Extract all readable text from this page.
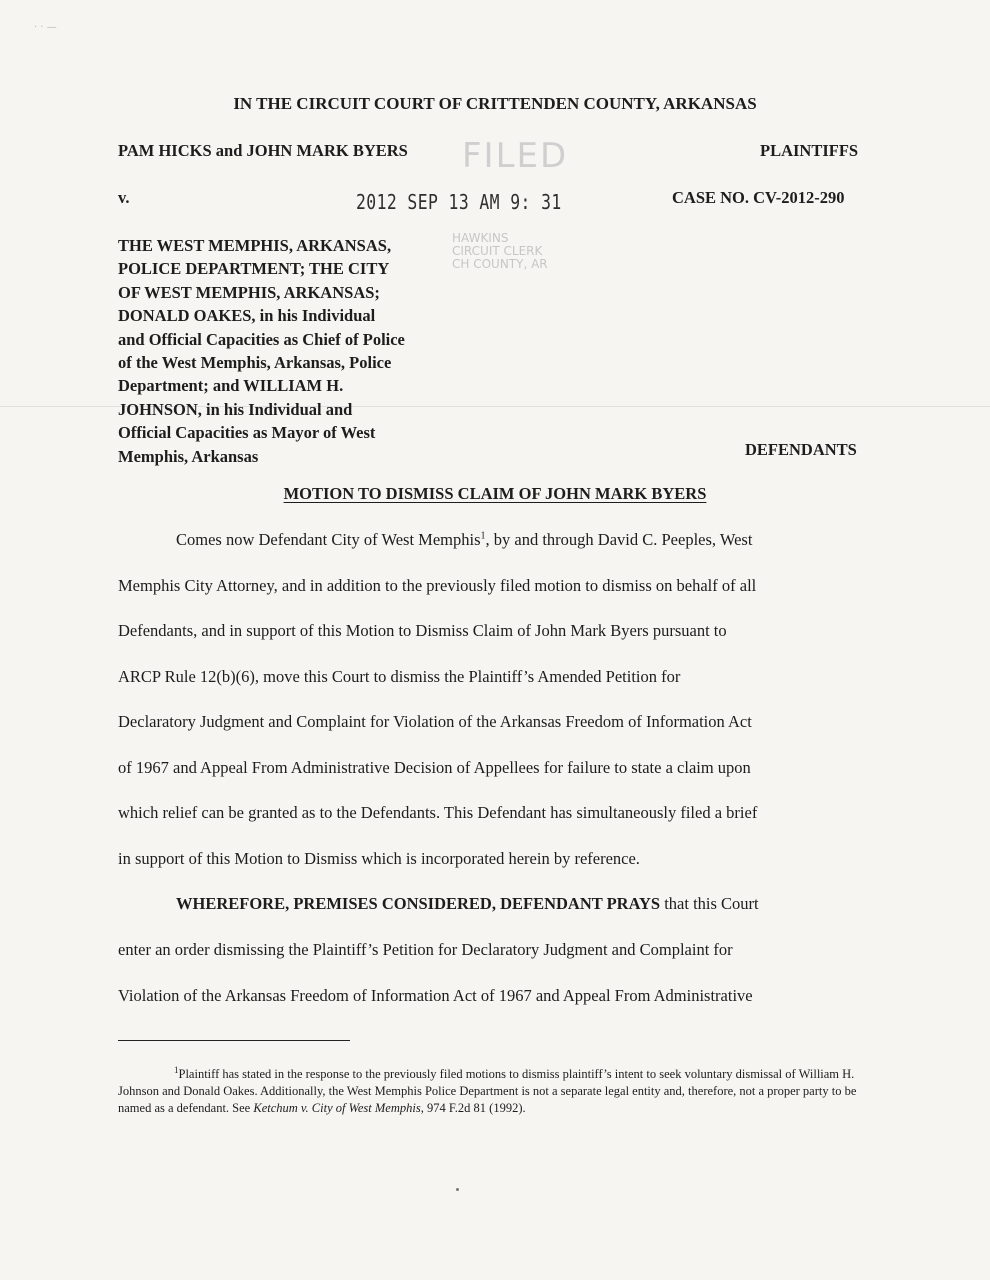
· · —
IN THE CIRCUIT COURT OF CRITTENDEN COUNTY, ARKANSAS
FILED
PAM HICKS and JOHN MARK BYERS	PLAINTIFFS
v.	2012 SEP 13 AM 9: 31	CASE NO. CV-2012-290
THE WEST MEMPHIS, ARKANSAS,
POLICE DEPARTMENT; THE CITY
OF WEST MEMPHIS, ARKANSAS;
DONALD OAKES, in his Individual
and Official Capacities as Chief of Police
of the West Memphis, Arkansas, Police
Department; and WILLIAM H.
JOHNSON, in his Individual and
Official Capacities as Mayor of West
Memphis, Arkansas
HAWKINS
CIRCUIT CLERK
CH COUNTY, AR
DEFENDANTS
MOTION TO DISMISS CLAIM OF JOHN MARK BYERS
Comes now Defendant City of West Memphis$^1$, by and through David C. Peeples, West
Memphis City Attorney, and in addition to the previously filed motion to dismiss on behalf of all
Defendants, and in support of this Motion to Dismiss Claim of John Mark Byers pursuant to
ARCP Rule 12(b)(6), move this Court to dismiss the Plaintiff’s Amended Petition for
Declaratory Judgment and Complaint for Violation of the Arkansas Freedom of Information Act
of 1967 and Appeal From Administrative Decision of Appellees for failure to state a claim upon
which relief can be granted as to the Defendants. This Defendant has simultaneously filed a brief
in support of this Motion to Dismiss which is incorporated herein by reference.
WHEREFORE, PREMISES CONSIDERED, DEFENDANT PRAYS that this Court
enter an order dismissing the Plaintiff’s Petition for Declaratory Judgment and Complaint for
Violation of the Arkansas Freedom of Information Act of 1967 and Appeal From Administrative
$^1$Plaintiff has stated in the response to the previously filed motions to dismiss plaintiff’s intent to seek voluntary dismissal of William H. Johnson and Donald Oakes. Additionally, the West Memphis Police Department is not a separate legal entity and, therefore, not a proper party to be named as a defendant. See Ketchum v. City of West Memphis, 974 F.2d 81 (1992).
